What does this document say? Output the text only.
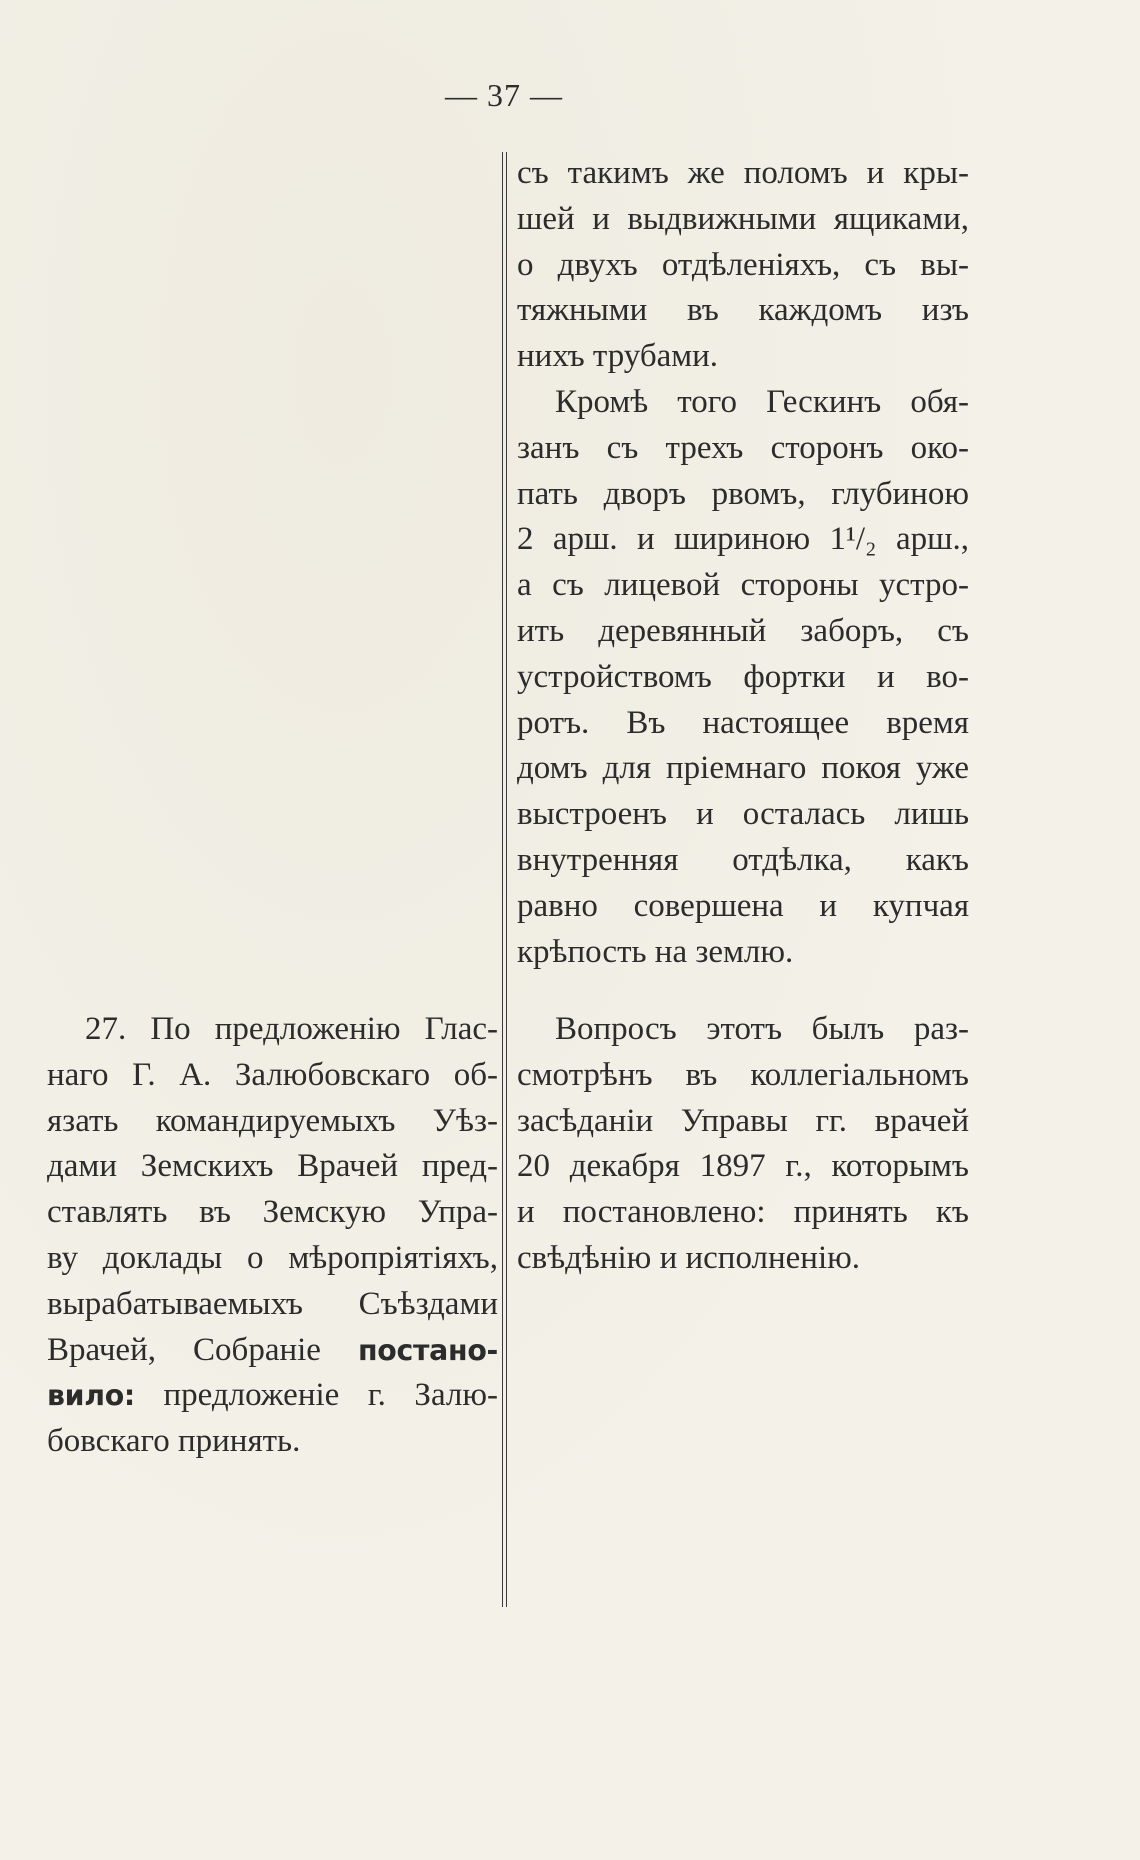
— 37 —
съ такимъ же поломъ и кры-
шей и выдвижными ящиками,
о двухъ отдѣленіяхъ, съ вы-
тяжными въ каждомъ изъ
нихъ трубами.
Кромѣ того Гескинъ обя-
занъ съ трехъ сторонъ око-
пать дворъ рвомъ, глубиною
2 арш. и шириною 1¹/₂ арш.,
а съ лицевой стороны устро-
ить деревянный заборъ, съ
устройствомъ фортки и во-
ротъ. Въ настоящее время
домъ для пріемнаго покоя уже
выстроенъ и осталась лишь
внутренняя отдѣлка, какъ
равно совершена и купчая
крѣпость на землю.
Вопросъ этотъ былъ раз-
смотрѣнъ въ коллегіальномъ
засѣданіи Управы гг. врачей
20 декабря 1897 г., которымъ
и постановлено: принять къ
свѣдѣнію и исполненію.
27. По предложенію Глас-
наго Г. А. Залюбовскаго об-
язать командируемыхъ Уѣз-
дами Земскихъ Врачей пред-
ставлять въ Земскую Упра-
ву доклады о мѣропріятіяхъ,
вырабатываемыхъ Съѣздами
Врачей, Собраніе постано-
вило: предложеніе г. Залю-
бовскаго принять.
